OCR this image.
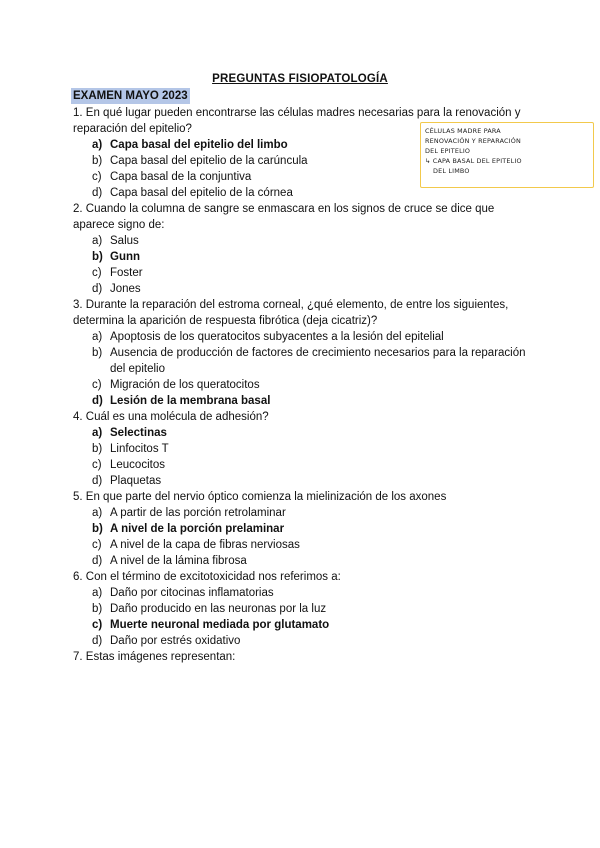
PREGUNTAS FISIOPATOLOGÍA
EXAMEN MAYO 2023
1. En qué lugar pueden encontrarse las células madres necesarias para la renovación y reparación del epitelio?
a) Capa basal del epitelio del limbo
b) Capa basal del epitelio de la carúncula
c) Capa basal de la conjuntiva
d) Capa basal del epitelio de la córnea
2. Cuando la columna de sangre se enmascara en los signos de cruce se dice que aparece signo de:
a) Salus
b) Gunn
c) Foster
d) Jones
3. Durante la reparación del estroma corneal, ¿qué elemento, de entre los siguientes, determina la aparición de respuesta fibrótica (deja cicatriz)?
a) Apoptosis de los queratocitos subyacentes a la lesión del epitelial
b) Ausencia de producción de factores de crecimiento necesarios para la reparación del epitelio
c) Migración de los queratocitos
d) Lesión de la membrana basal
4. Cuál es una molécula de adhesión?
a) Selectinas
b) Linfocitos T
c) Leucocitos
d) Plaquetas
5. En que parte del nervio óptico comienza la mielinización de los axones
a) A partir de las porción retrolaminar
b) A nivel de la porción prelaminar
c) A nivel de la capa de fibras nerviosas
d) A nivel de la lámina fibrosa
6. Con el término de excitotoxicidad nos referimos a:
a) Daño por citocinas inflamatorias
b) Daño producido en las neuronas por la luz
c) Muerte neuronal mediada por glutamato
d) Daño por estrés oxidativo
7. Estas imágenes representan:
CÉLULAS MADRE PARA
RENOVACIÓN Y REPARACIÓN
DEL EPITELIO
↳ CAPA BASAL DEL EPITELIO
DEL LIMBO
